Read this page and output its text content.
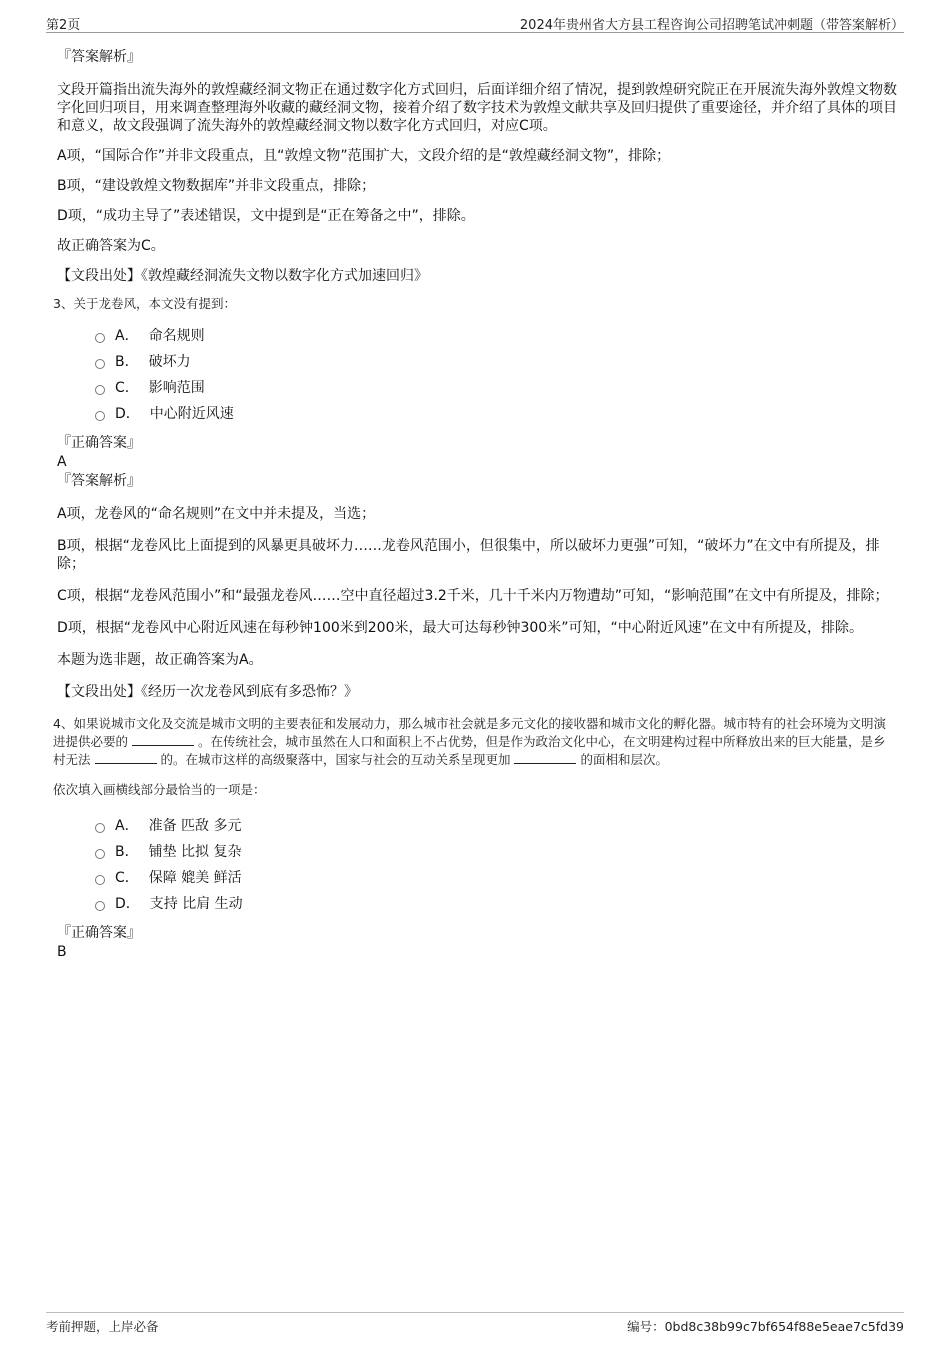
第2页	2024年贵州省大方县工程咨询公司招聘笔试冲刺题（带答案解析）
『答案解析』

文段开篇指出流失海外的敦煌藏经洞文物正在通过数字化方式回归，后面详细介绍了情况，提到敦煌研究院正在开展流失海外敦煌文物数字化回归项目，用来调查整理海外收藏的藏经洞文物，接着介绍了数字技术为敦煌文献共享及回归提供了重要途径，并介绍了具体的项目和意义，故文段强调了流失海外的敦煌藏经洞文物以数字化方式回归，对应C项。

A项，“国际合作”并非文段重点，且“敦煌文物”范围扩大，文段介绍的是“敦煌藏经洞文物”，排除；

B项，“建设敦煌文物数据库”并非文段重点，排除；

D项，“成功主导了”表述错误，文中提到是“正在筹备之中”，排除。

故正确答案为C。

【文段出处】《敦煌藏经洞流失文物以数字化方式加速回归》

3、关于龙卷风，本文没有提到：
A． 命名规则
B． 破坏力
C． 影响范围
D． 中心附近风速
『正确答案』
A
『答案解析』

A项，龙卷风的“命名规则”在文中并未提及，当选；

B项，根据“龙卷风比上面提到的风暴更具破坏力……龙卷风范围小，但很集中，所以破坏力更强”可知，“破坏力”在文中有所提及，排除；

C项，根据“龙卷风范围小”和“最强龙卷风……空中直径超过3.2千米，几十千米内万物遭劫”可知，“影响范围”在文中有所提及，排除；

D项，根据“龙卷风中心附近风速在每秒钟100米到200米，最大可达每秒钟300米”可知，“中心附近风速”在文中有所提及，排除。

本题为选非题，故正确答案为A。

【文段出处】《经历一次龙卷风到底有多恐怖？》

4、如果说城市文化及交流是城市文明的主要表征和发展动力，那么城市社会就是多元文化的接收器和城市文化的孵化器。城市特有的社会环境为文明演进提供必要的	。在传统社会，城市虽然在人口和面积上不占优势，但是作为政治文化中心，在文明建构过程中所释放出来的巨大能量，是乡村无法	的。在城市这样的高级聚落中，国家与社会的互动关系呈现更加	的面相和层次。
依次填入画横线部分最恰当的一项是：
A． 准备 匹敌 多元
B． 铺垫 比拟 复杂
C． 保障 媲美 鲜活
D． 支持 比肩 生动
『正确答案』
B
考前押题，上岸必备	编号：0bd8c38b99c7bf654f88e5eae7c5fd39
